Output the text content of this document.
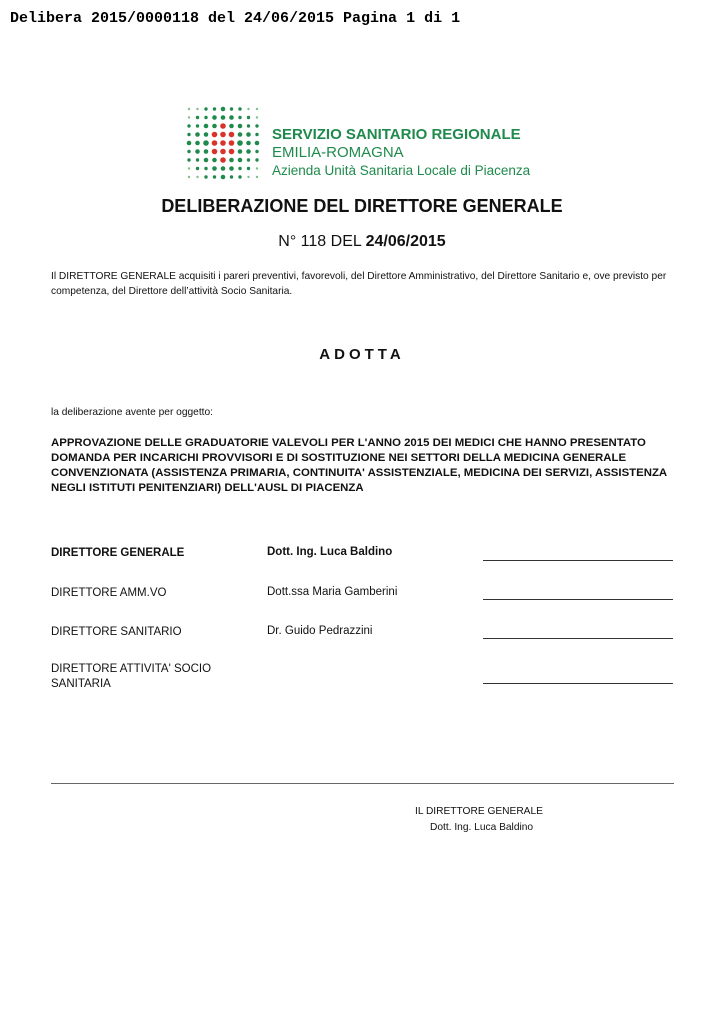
Delibera 2015/0000118 del 24/06/2015 Pagina 1 di 1
SERVIZIO SANITARIO REGIONALE
EMILIA-ROMAGNA
Azienda Unità Sanitaria Locale di Piacenza
DELIBERAZIONE DEL DIRETTORE GENERALE
N° 118 DEL 24/06/2015
Il DIRETTORE GENERALE acquisiti i pareri preventivi, favorevoli, del Direttore Amministrativo, del Direttore Sanitario e, ove previsto per competenza, del Direttore dell’attività Socio Sanitaria.
ADOTTA
la deliberazione avente per oggetto:
APPROVAZIONE DELLE GRADUATORIE VALEVOLI PER L'ANNO 2015 DEI MEDICI CHE HANNO PRESENTATO DOMANDA PER INCARICHI PROVVISORI E DI SOSTITUZIONE NEI SETTORI DELLA MEDICINA GENERALE CONVENZIONATA (ASSISTENZA PRIMARIA, CONTINUITA' ASSISTENZIALE, MEDICINA DEI SERVIZI, ASSISTENZA NEGLI ISTITUTI PENITENZIARI) DELL'AUSL DI PIACENZA
DIRETTORE GENERALE	Dott. Ing. Luca Baldino
DIRETTORE AMM.VO	Dott.ssa Maria Gamberini
DIRETTORE SANITARIO	Dr. Guido Pedrazzini
DIRETTORE ATTIVITA' SOCIO SANITARIA
IL DIRETTORE GENERALE
Dott. Ing. Luca Baldino
